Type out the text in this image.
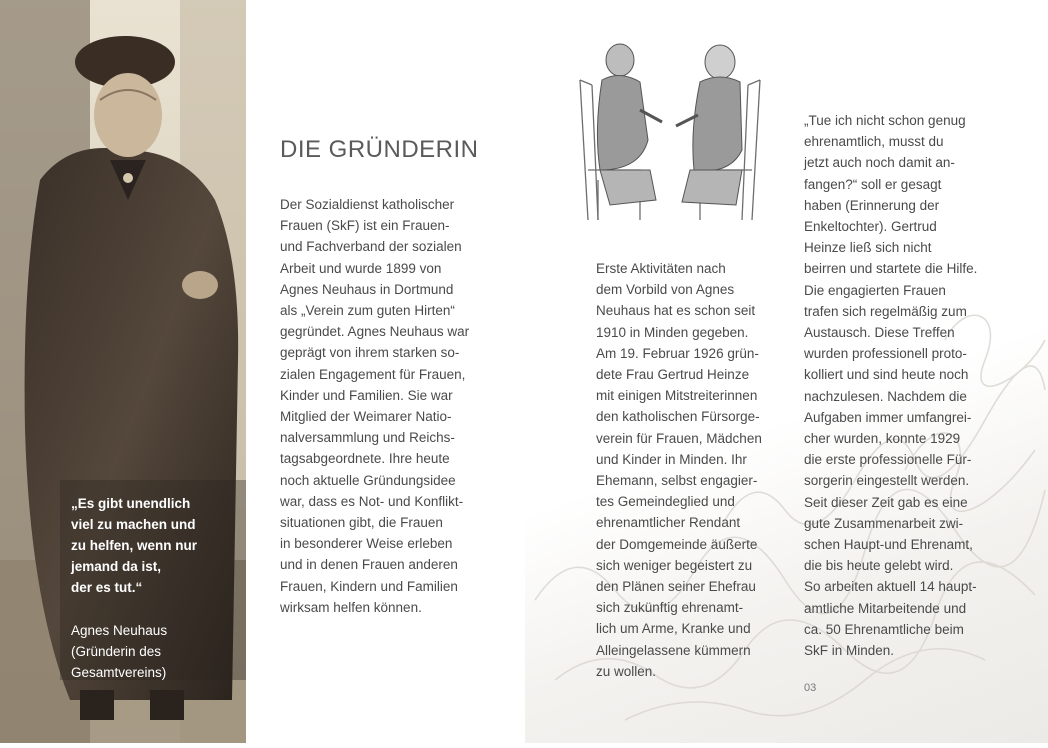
„Es gibt unendlich
viel zu machen und
zu helfen, wenn nur
jemand da ist,
der es tut.“
Agnes Neuhaus
(Gründerin des
Gesamtvereins)
DIE GRÜNDERIN
Der Sozialdienst katholischer
Frauen (SkF) ist ein Frauen-
und Fachverband der sozialen
Arbeit und wurde 1899 von
Agnes Neuhaus in Dortmund
als „Verein zum guten Hirten“
gegründet. Agnes Neuhaus war
geprägt von ihrem starken so-
zialen Engagement für Frauen,
Kinder und Familien. Sie war
Mitglied der Weimarer Natio-
nalversammlung und Reichs-
tagsabgeordnete. Ihre heute
noch aktuelle Gründungsidee
war, dass es Not- und Konflikt-
situationen gibt, die Frauen
in besonderer Weise erleben
und in denen Frauen anderen
Frauen, Kindern und Familien
wirksam helfen können.
Erste Aktivitäten nach
dem Vorbild von Agnes
Neuhaus hat es schon seit
1910 in Minden gegeben.
Am 19. Februar 1926 grün-
dete Frau Gertrud Heinze
mit einigen Mitstreiterinnen
den katholischen Fürsorge-
verein für Frauen, Mädchen
und Kinder in Minden. Ihr
Ehemann, selbst engagier-
tes Gemeindeglied und
ehrenamtlicher Rendant
der Domgemeinde äußerte
sich weniger begeistert zu
den Plänen seiner Ehefrau
sich zukünftig ehrenamt-
lich um Arme, Kranke und
Alleingelassene kümmern
zu wollen.
„Tue ich nicht schon genug
ehrenamtlich, musst du
jetzt auch noch damit an-
fangen?“ soll er gesagt
haben (Erinnerung der
Enkeltochter). Gertrud
Heinze ließ sich nicht
beirren und startete die Hilfe.
Die engagierten Frauen
trafen sich regelmäßig zum
Austausch. Diese Treffen
wurden professionell proto-
kolliert und sind heute noch
nachzulesen. Nachdem die
Aufgaben immer umfangrei-
cher wurden, konnte 1929
die erste professionelle Für-
sorgerin eingestellt werden.
Seit dieser Zeit gab es eine
gute Zusammenarbeit zwi-
schen Haupt-und Ehrenamt,
die bis heute gelebt wird.
So arbeiten aktuell 14 haupt-
amtliche Mitarbeitende und
ca. 50 Ehrenamtliche beim
SkF in Minden.
03
